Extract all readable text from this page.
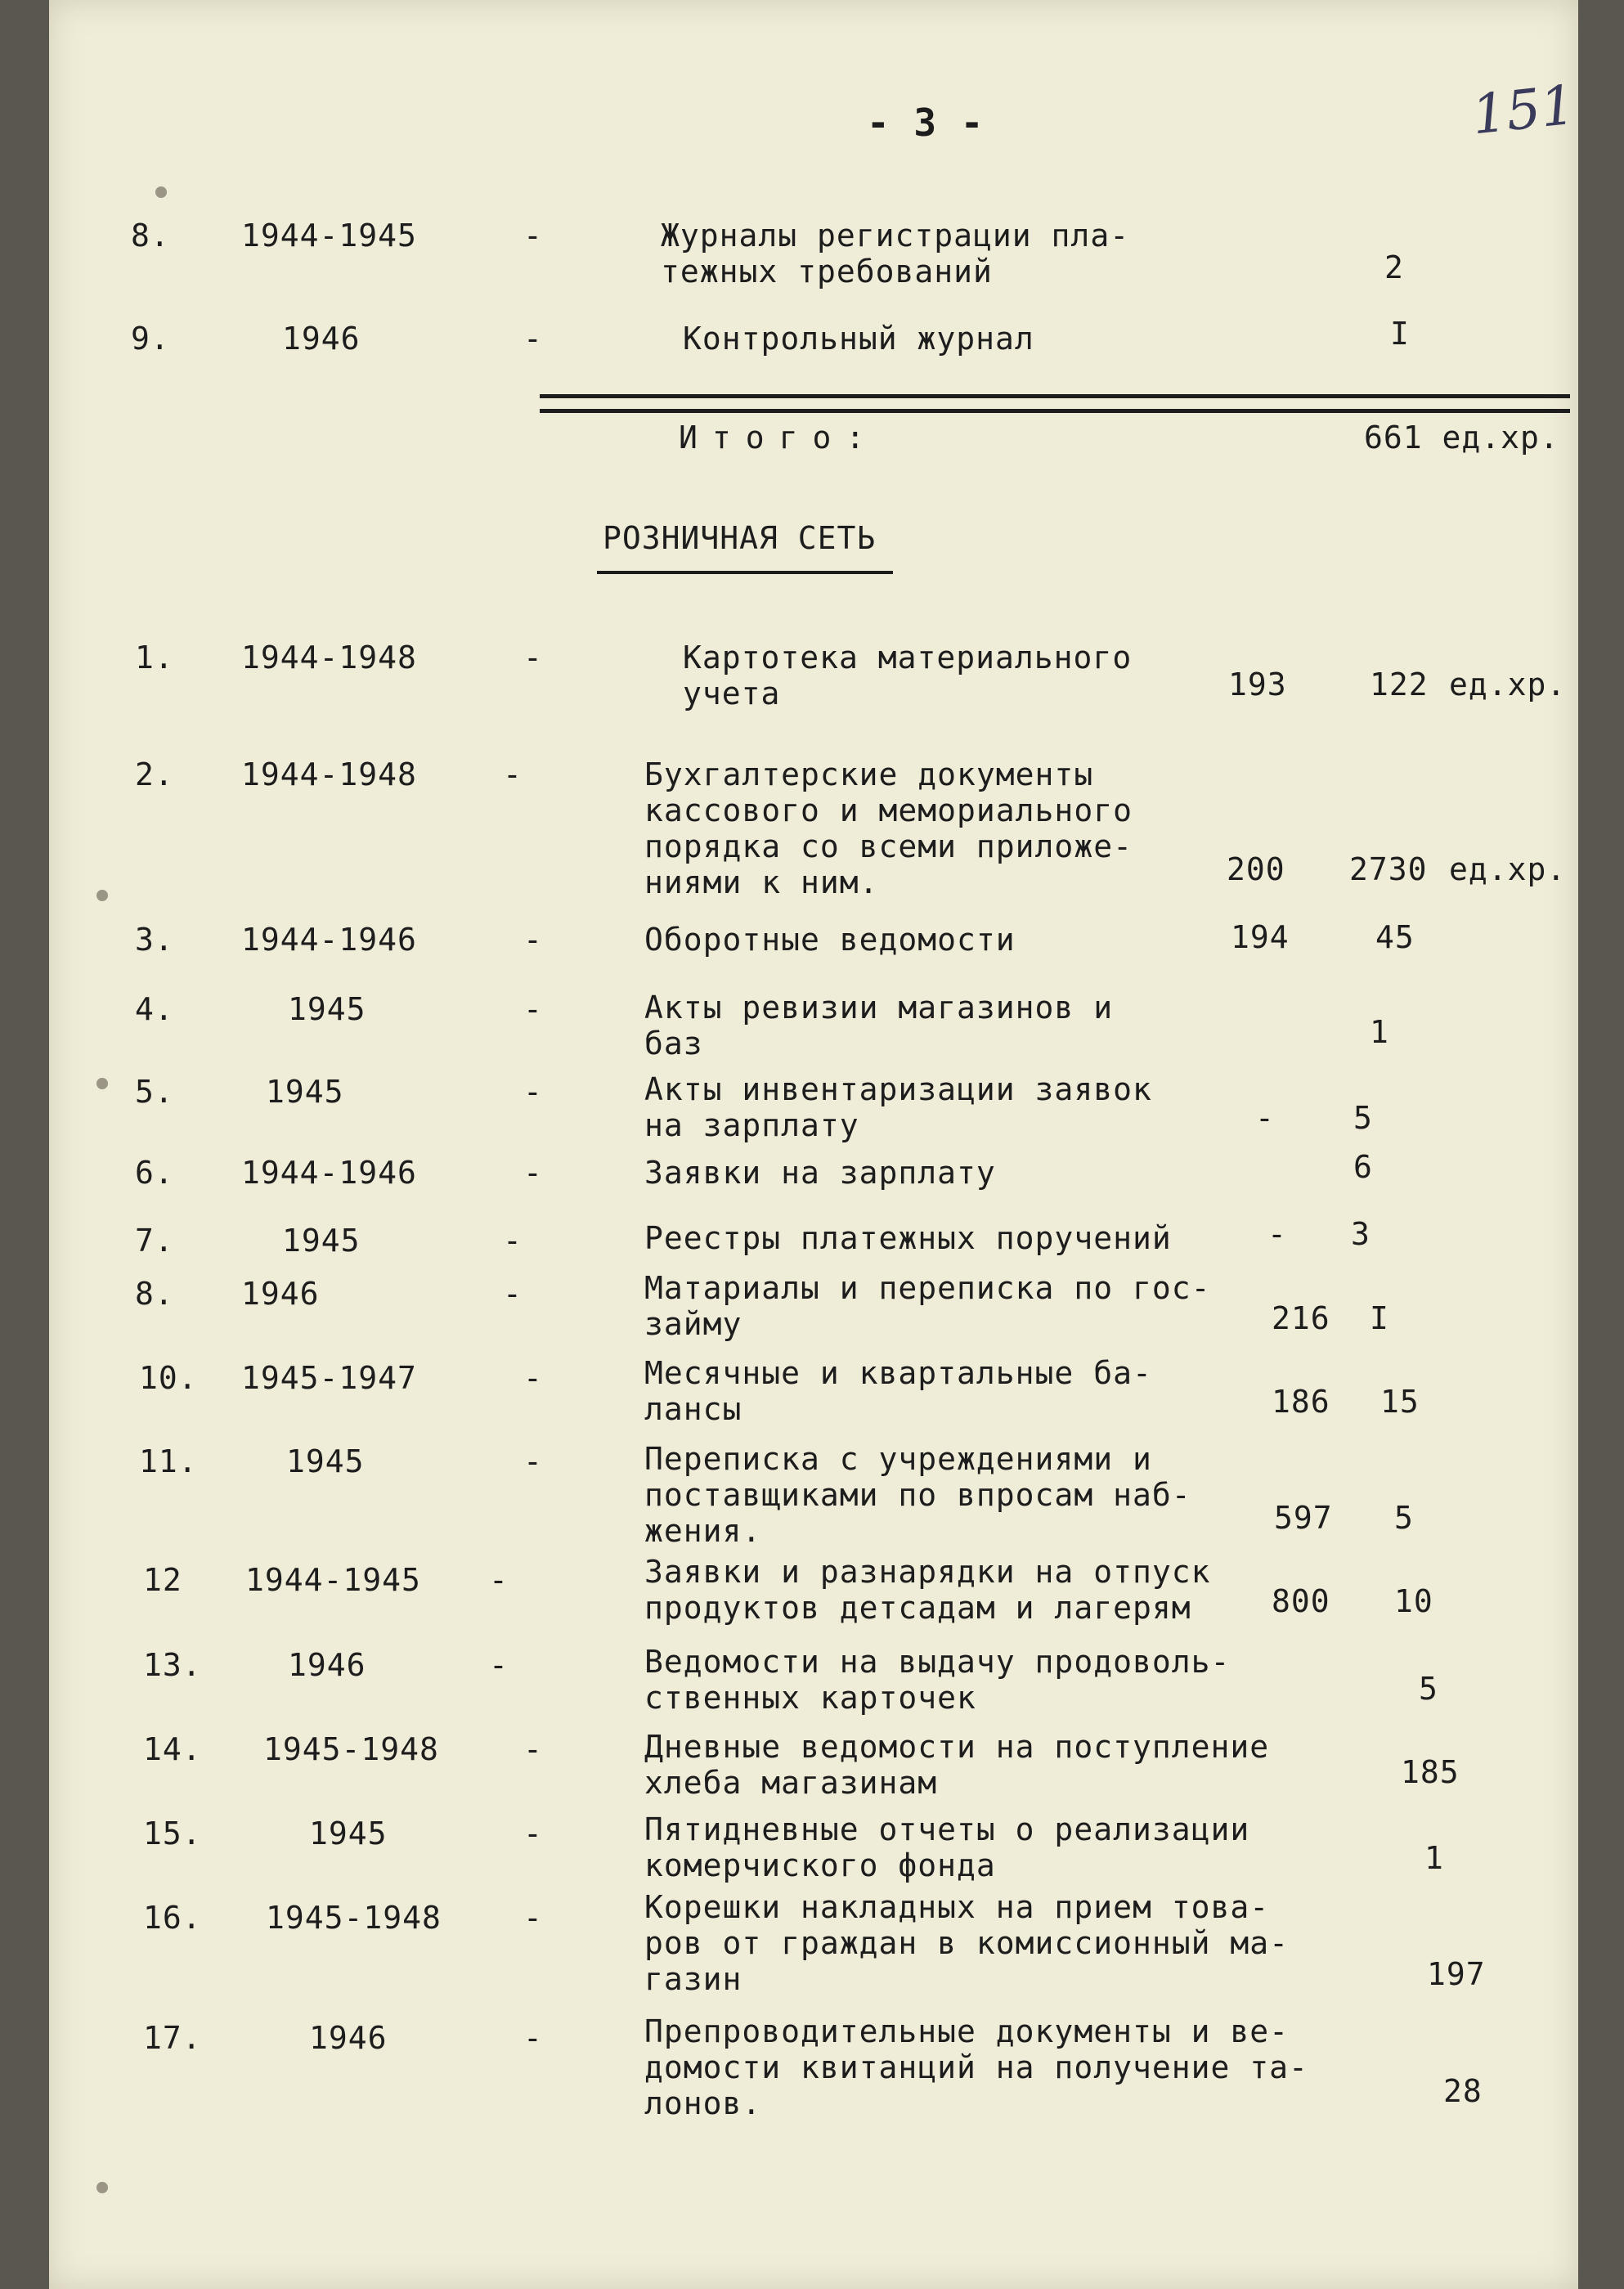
- 3 -	151
8. 1944-1945	-	Журналы регистрации пла-
тежных требований	2
9.	1946	-	Контрольный журнал	I
Итого:	661 ед.хр.
РОЗНИЧНАЯ СЕТЬ
1. 1944-1948	-	Картотека материального
учета	193	122 ед.хр.
2. 1944-1948	-	Бухгалтерские документы
кассового и мемориального
порядка со всеми приложе-
ниями к ним.	200 2730 ед.хр.
3. 1944-1946	-	Оборотные ведомости	194	45
4.	1945	-	Акты ревизии магазинов и
баз	1
5.	1945	-	Акты инвентаризации заявок
на зарплату	-	5
6. 1944-1946	-	Заявки на зарплату	6
7.	1945	-	Реестры платежных поручений	- 3
8. 1946	-	Матариалы и переписка по гос-
займу	216 I
10. 1945-1947	-	Месячные и квартальные ба-
лансы	186 15
11.	1945	-	Переписка с учреждениями и
поставщиками по впросам наб-
жения.	597 5
12 1944-1945 -	Заявки и разнарядки на отпуск
продуктов детсадам и лагерям	800 10
13.	1946	-	Ведомости на выдачу продоволь-
ственных карточек	5
14. 1945-1948	-	Дневные ведомости на поступление
хлеба магазинам	185
15.	1945	-	Пятидневные отчеты о реализации
комерчиского фонда	1
16. 1945-1948	-	Корешки накладных на прием това-
ров от граждан в комиссионный ма-
газин	197
17.	1946	-	Препроводительные документы и ве-
домости квитанций на получение та-
лонов.	28
